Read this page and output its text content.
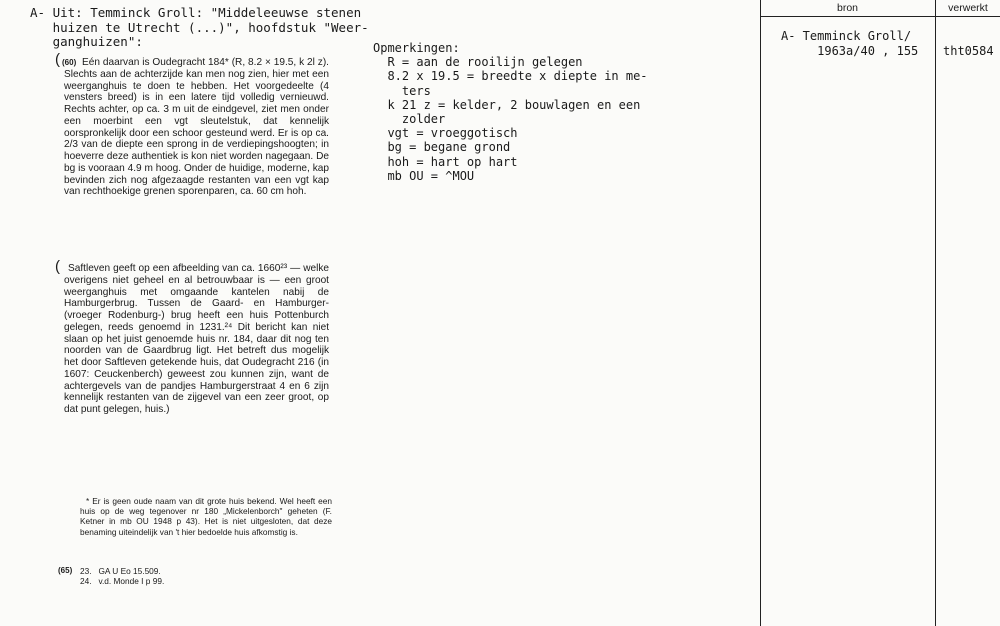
A- Uit: Temminck Groll: "Middeleeuwse stenen
huizen te Utrecht (...)", hoofdstuk "Weer-
ganghuizen":
( (60) Eén daarvan is Oudegracht 184* (R, 8.2 × 19.5, k 2l z). Slechts aan de achterzijde kan men nog zien, hier met een weerganghuis te doen te hebben. Het voorgedeelte (4 vensters breed) is in een latere tijd volledig vernieuwd. Rechts achter, op ca. 3 m uit de eindgevel, ziet men onder een moerbint een vgt sleutelstuk, dat kennelijk oorspronkelijk door een schoor gesteund werd. Er is op ca. 2/3 van de diepte een sprong in de verdiepingshoogten; in hoeverre deze authentiek is kon niet worden nagegaan. De bg is vooraan 4.9 m hoog. Onder de huidige, moderne, kap bevinden zich nog afgezaagde restanten van een vgt kap van rechthoekige grenen sporenparen, ca. 60 cm hoh.
( Saftleven geeft op een afbeelding van ca. 1660²³ — welke overigens niet geheel en al betrouwbaar is — een groot weerganghuis met omgaande kantelen nabij de Hamburgerbrug. Tussen de Gaard- en Hamburger- (vroeger Rodenburg-) brug heeft een huis Pottenburch gelegen, reeds genoemd in 1231.²⁴ Dit bericht kan niet slaan op het juist genoemde huis nr. 184, daar dit nog ten noorden van de Gaardbrug ligt. Het betreft dus mogelijk het door Saftleven getekende huis, dat Oudegracht 216 (in 1607: Ceuckenberch) geweest zou kunnen zijn, want de achtergevels van de pandjes Hamburgerstraat 4 en 6 zijn kennelijk restanten van de zijgevel van een zeer groot, op dat punt gelegen, huis.)
* Er is geen oude naam van dit grote huis bekend. Wel heeft een huis op de weg tegenover nr 180 „Mickelenborch" geheten (F. Ketner in mb OU 1948 p 43). Het is niet uitgesloten, dat deze benaming uiteindelijk van 't hier bedoelde huis afkomstig is.
(65) 23.   GA U Eo 15.509.
24.   v.d. Monde I p 99.
Opmerkingen:
R = aan de rooilijn gelegen
8.2 x 19.5 = breedte x diepte in me-
ters
k 21 z = kelder, 2 bouwlagen en een
zolder
vgt = vroeggotisch
bg = begane grond
hoh = hart op hart
mb OU = ^MOU
bron	verwerkt
A- Temminck Groll/
1963a/40 , 155 tht0584
